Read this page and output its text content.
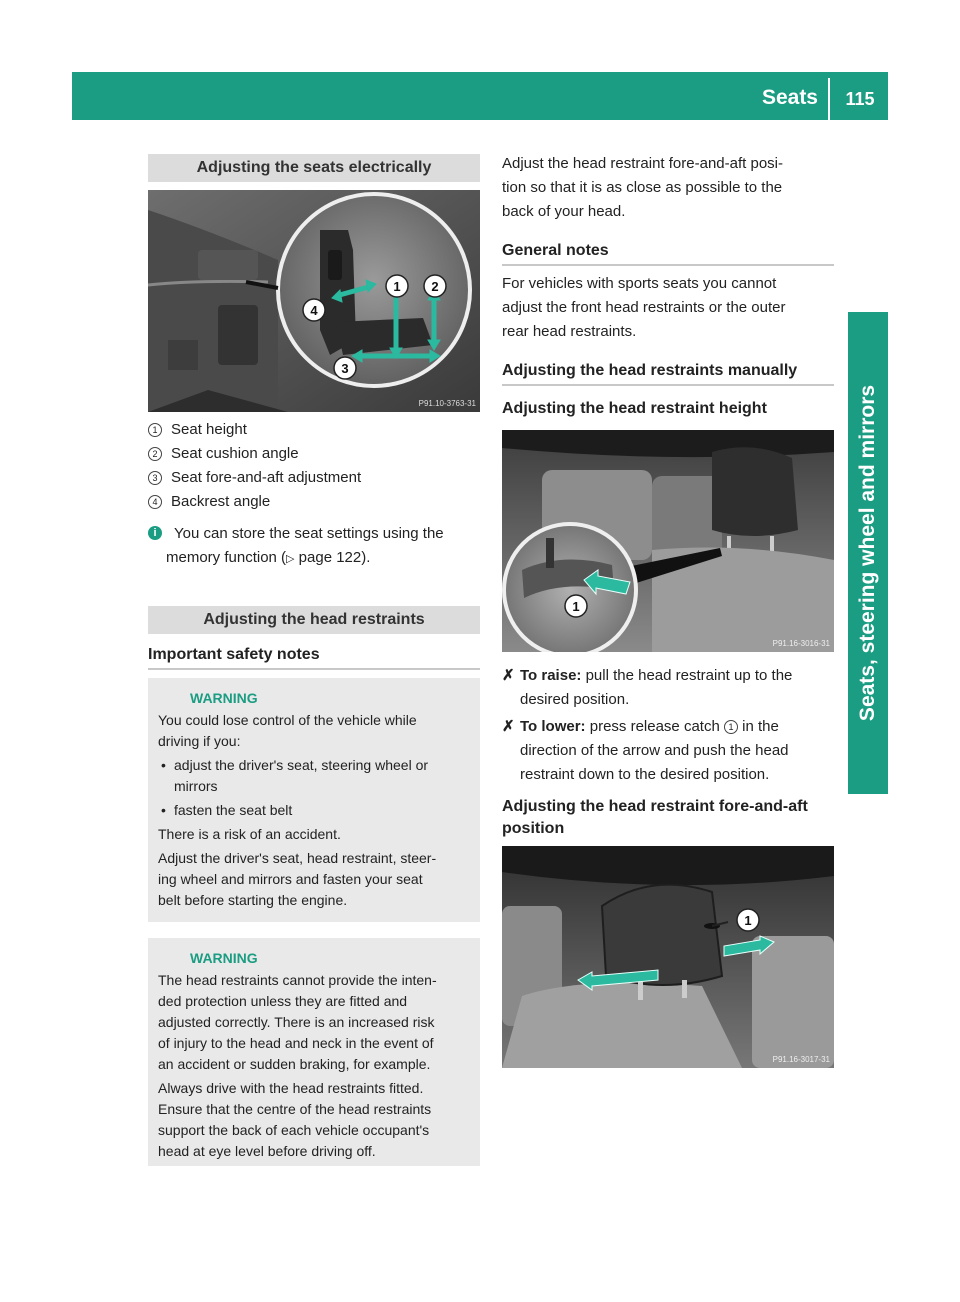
Seats	115
Seats, steering wheel and mirrors
Adjusting the seats electrically
1 2
3
4
P91.10-3763-31
1 Seat height
2 Seat cushion angle
3 Seat fore-and-aft adjustment
4 Backrest angle
i	You can store the seat settings using the
memory function (▷ page 122).
Adjusting the head restraints
Important safety notes
WARNING
You could lose control of the vehicle while
driving if you:
• adjust the driver's seat, steering wheel or
mirrors
• fasten the seat belt
There is a risk of an accident.
Adjust the driver's seat, head restraint, steer-
ing wheel and mirrors and fasten your seat
belt before starting the engine.
WARNING
The head restraints cannot provide the inten-
ded protection unless they are fitted and
adjusted correctly. There is an increased risk
of injury to the head and neck in the event of
an accident or sudden braking, for example.
Always drive with the head restraints fitted.
Ensure that the centre of the head restraints
support the back of each vehicle occupant's
head at eye level before driving off.
Adjust the head restraint fore-and-aft posi-
tion so that it is as close as possible to the
back of your head.
General notes
For vehicles with sports seats you cannot
adjust the front head restraints or the outer
rear head restraints.
Adjusting the head restraints manually
Adjusting the head restraint height
1
P91.16-3016-31
✗ To raise: pull the head restraint up to the
desired position.
✗ To lower: press release catch 1 in the
direction of the arrow and push the head
restraint down to the desired position.
Adjusting the head restraint fore-and-aft
position
1
P91.16-3017-31
